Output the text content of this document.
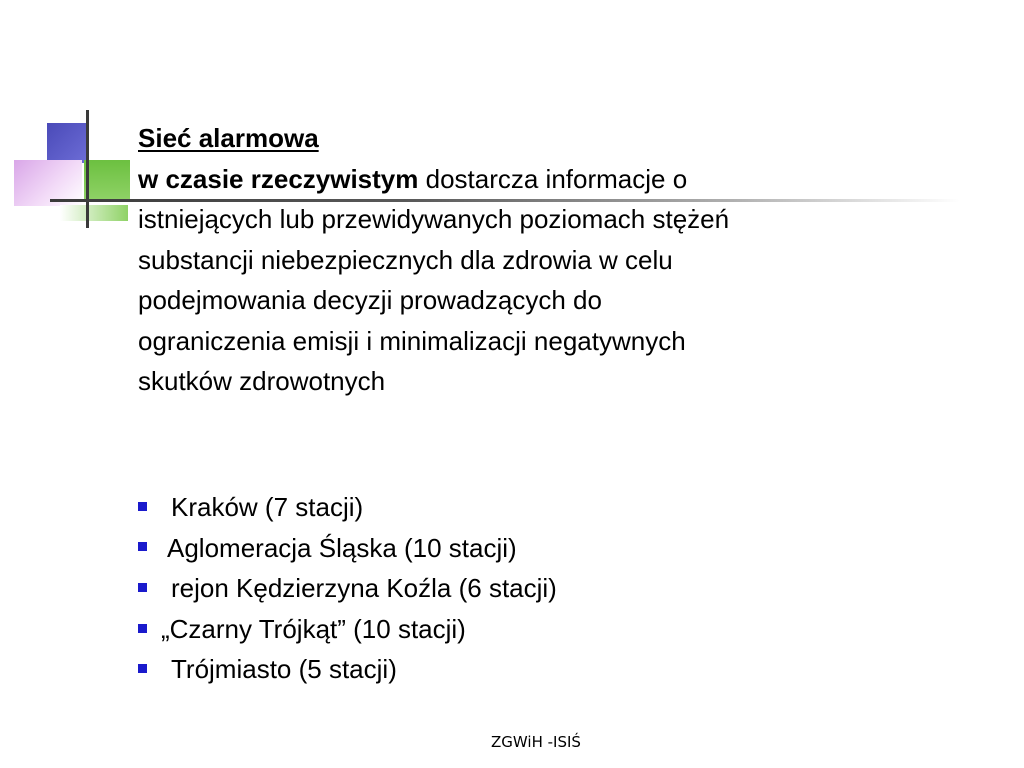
Sieć alarmowa
w czasie rzeczywistym dostarcza informacje o
istniejących lub przewidywanych poziomach stężeń
substancji niebezpiecznych dla zdrowia w celu
podejmowania decyzji prowadzących do
ograniczenia emisji i minimalizacji negatywnych
skutków zdrowotnych

Kraków (7 stacji)
Aglomeracja Śląska (10 stacji)
rejon Kędzierzyna Koźla (6 stacji)
„Czarny Trójkąt” (10 stacji)
Trójmiasto (5 stacji)
ZGWiH -ISIŚ
